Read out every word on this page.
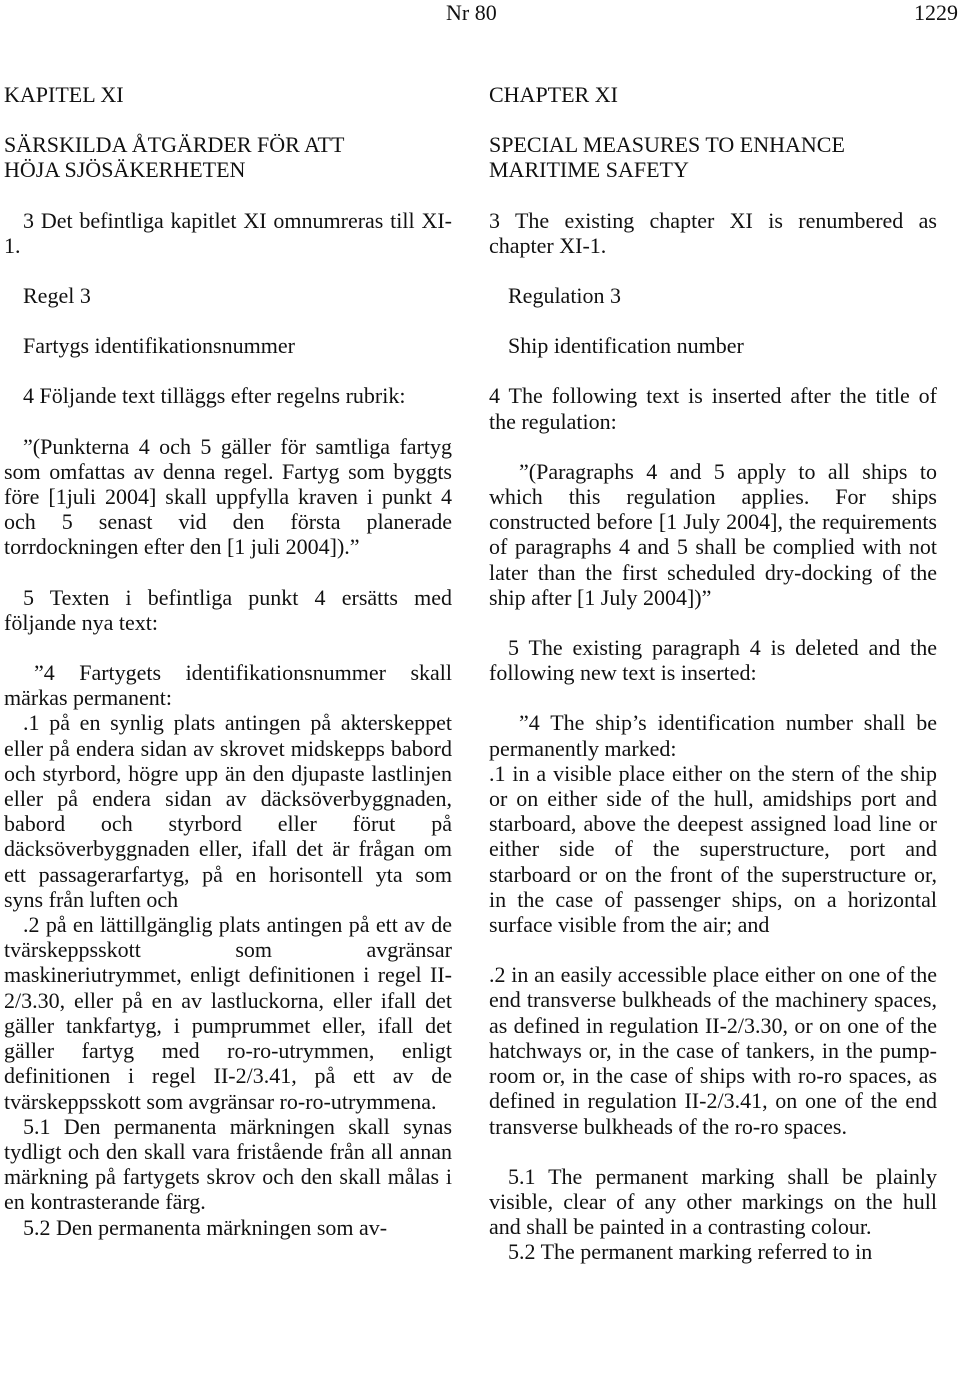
Nr 80	1229

KAPITEL XI

SÄRSKILDA ÅTGÄRDER FÖR ATT

HÖJA SJÖSÄKERHETEN

3 Det befintliga kapitlet XI omnumreras till XI-1.

Regel 3

Fartygs identifikationsnummer

4 Följande text tilläggs efter regelns rubrik:

”(Punkterna 4 och 5 gäller för samtliga fartyg som omfattas av denna regel. Fartyg som byggts före [1juli 2004] skall uppfylla kraven i punkt 4 och 5 senast vid den första planerade torrdockningen efter den [1 juli 2004]).”

5 Texten i befintliga punkt 4 ersätts med följande nya text:

”4 Fartygets identifikationsnummer skall märkas permanent:

.1 på en synlig plats antingen på akterskeppet eller på endera sidan av skrovet midskepps babord och styrbord, högre upp än den djupaste lastlinjen eller på endera sidan av däcksöverbyggnaden, babord och styrbord eller förut på däcksöverbyggnaden eller, ifall det är frågan om ett passagerarfartyg, på en horisontell yta som syns från luften och

.2 på en lättillgänglig plats antingen på ett av de tvärskeppsskott som avgränsar maskineriutrymmet, enligt definitionen i regel II-2/3.30, eller på en av lastluckorna, eller ifall det gäller tankfartyg, i pumprummet eller, ifall det gäller fartyg med ro-ro-utrymmen, enligt definitionen i regel II-2/3.41, på ett av de tvärskeppsskott som avgränsar ro-ro-utrymmena.

5.1 Den permanenta märkningen skall synas tydligt och den skall vara fristående från all annan märkning på fartygets skrov och den skall målas i en kontrasterande färg.

5.2 Den permanenta märkningen som av-

CHAPTER XI

SPECIAL MEASURES TO ENHANCE

MARITIME SAFETY

3 The existing chapter XI is renumbered as chapter XI-1.

Regulation 3

Ship identification number

4 The following text is inserted after the title of the regulation:

”(Paragraphs 4 and 5 apply to all ships to which this regulation applies. For ships constructed before [1 July 2004], the requirements of paragraphs 4 and 5 shall be complied with not later than the first scheduled dry-docking of the ship after [1 July 2004])”

5 The existing paragraph 4 is deleted and the following new text is inserted:

”4 The ship’s identification number shall be permanently marked:

.1 in a visible place either on the stern of the ship or on either side of the hull, amidships port and starboard, above the deepest assigned load line or either side of the superstructure, port and starboard or on the front of the superstructure or, in the case of passenger ships, on a horizontal surface visible from the air; and

.2 in an easily accessible place either on one of the end transverse bulkheads of the machinery spaces, as defined in regulation II-2/3.30, or on one of the hatchways or, in the case of tankers, in the pump-room or, in the case of ships with ro-ro spaces, as defined in regulation II-2/3.41, on one of the end transverse bulkheads of the ro-ro spaces.

5.1 The permanent marking shall be plainly visible, clear of any other markings on the hull and shall be painted in a contrasting colour.

5.2 The permanent marking referred to in
